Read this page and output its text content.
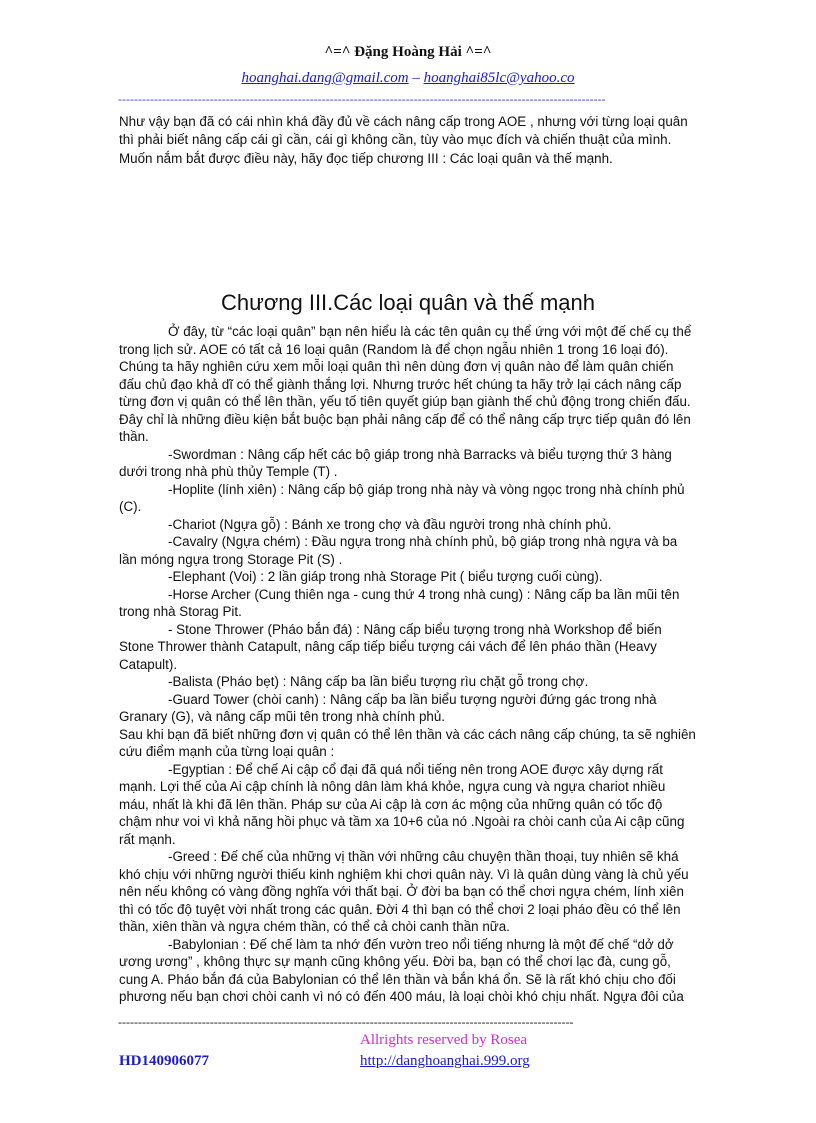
^=^ Đặng Hoàng Hải ^=^
hoanghai.dang@gmail.com – hoanghai85lc@yahoo.co
--------------------------------------------------------------------------------------------------------------------------
Như vậy bạn đã có cái nhìn khá đầy đủ về cách nâng cấp trong AOE , nhưng với từng loại quân thì phải biết nâng cấp cái gì cần, cái gì không cần, tùy vào mục đích và chiến thuật của mình. Muốn nắm bắt được điều này, hãy đọc tiếp chương III : Các loại quân và thế mạnh.
Chương III.Các loại quân và thế mạnh

Ở đây, từ “các loại quân” bạn nên hiểu là các tên quân cụ thể ứng với một đế chế cụ thể trong lịch sử. AOE có tất cả 16 loại quân (Random là để chọn ngẫu nhiên 1 trong 16 loại đó). Chúng ta hãy nghiên cứu xem mỗi loại quân thì nên dùng đơn vị quân nào để làm quân chiến đấu chủ đạo khả dĩ có thể giành thắng lợi. Nhưng trước hết chúng ta hãy trở lại cách nâng cấp từng đơn vị quân có thể lên thần, yếu tố tiên quyết giúp bạn giành thế chủ động trong chiến đấu. Đây chỉ là những điều kiện bắt buộc bạn phải nâng cấp để có thể nâng cấp trực tiếp quân đó lên thần.

-Swordman : Nâng cấp hết các bộ giáp trong nhà Barracks và biểu tượng thứ 3 hàng dưới trong nhà phù thủy Temple (T) .

-Hoplite (lính xiên) : Nâng cấp bộ giáp trong nhà này và vòng ngọc trong nhà chính phủ (C).

-Chariot (Ngựa gỗ) : Bánh xe trong chợ và đầu người trong nhà chính phủ.

-Cavalry (Ngựa chém) : Đầu ngựa trong nhà chính phủ, bộ giáp trong nhà ngựa và ba lần móng ngựa trong Storage Pit (S) .

-Elephant (Voi) : 2 lần giáp trong nhà Storage Pit ( biểu tượng cuối cùng).

-Horse Archer (Cung thiên nga - cung thứ 4 trong nhà cung) : Nâng cấp ba lần mũi tên trong nhà Storag Pit.

- Stone Thrower (Pháo bắn đá) : Nâng cấp biểu tượng trong nhà Workshop để biến Stone Thrower thành Catapult, nâng cấp tiếp biểu tượng cái vách để lên pháo thần (Heavy Catapult).

-Balista (Pháo bẹt) : Nâng cấp ba lần biểu tượng rìu chặt gỗ trong chợ.

-Guard Tower (chòi canh) : Nâng cấp ba lần biểu tượng người đứng gác trong nhà Granary (G), và nâng cấp mũi tên trong nhà chính phủ.

Sau khi bạn đã biết những đơn vị quân có thể lên thần và các cách nâng cấp chúng, ta sẽ nghiên cứu điểm mạnh của từng loại quân :

-Egyptian : Để chế Ai cập cổ đại đã quá nổi tiếng nên trong AOE được xây dựng rất mạnh. Lợi thế của Ai cập chính là nông dân làm khá khỏe, ngựa cung và ngựa chariot nhiều máu, nhất là khi đã lên thần. Pháp sư của Ai cập là cơn ác mộng của những quân có tốc độ chậm như voi vì khả năng hồi phục và tầm xa 10+6 của nó .Ngoài ra chòi canh của Ai cập cũng rất mạnh.

-Greed : Đế chế của những vị thần với những câu chuyện thần thoại, tuy nhiên sẽ khá khó chịu với những người thiếu kinh nghiệm khi chơi quân này. Vì là quân dùng vàng là chủ yếu nên nếu không có vàng đồng nghĩa với thất bại. Ở đời ba bạn có thể chơi ngựa chém, lính xiên thì có tốc độ tuyệt vời nhất trong các quân. Đời 4 thì bạn có thể chơi 2 loại pháo đều có thể lên thần, xiên thần và ngựa chém thần, có thể cả chòi canh thần nữa.

-Babylonian : Đế chế làm ta nhớ đến vườn treo nổi tiếng nhưng là một đế chế “dở dở ương ương” , không thực sự mạnh cũng không yếu. Đời ba, bạn có thể chơi lạc đà, cung gỗ, cung A. Pháo bắn đá của Babylonian có thể lên thần và bắn khá ổn. Sẽ là rất khó chịu cho đối phương nếu bạn chơi chòi canh vì nó có đến 400 máu, là loại chòi khó chịu nhất. Ngựa đôi của

------------------------------------------------------------------------------------------------------------------
Allrights reserved by Rosea
HD140906077	http://danghoanghai.999.org
